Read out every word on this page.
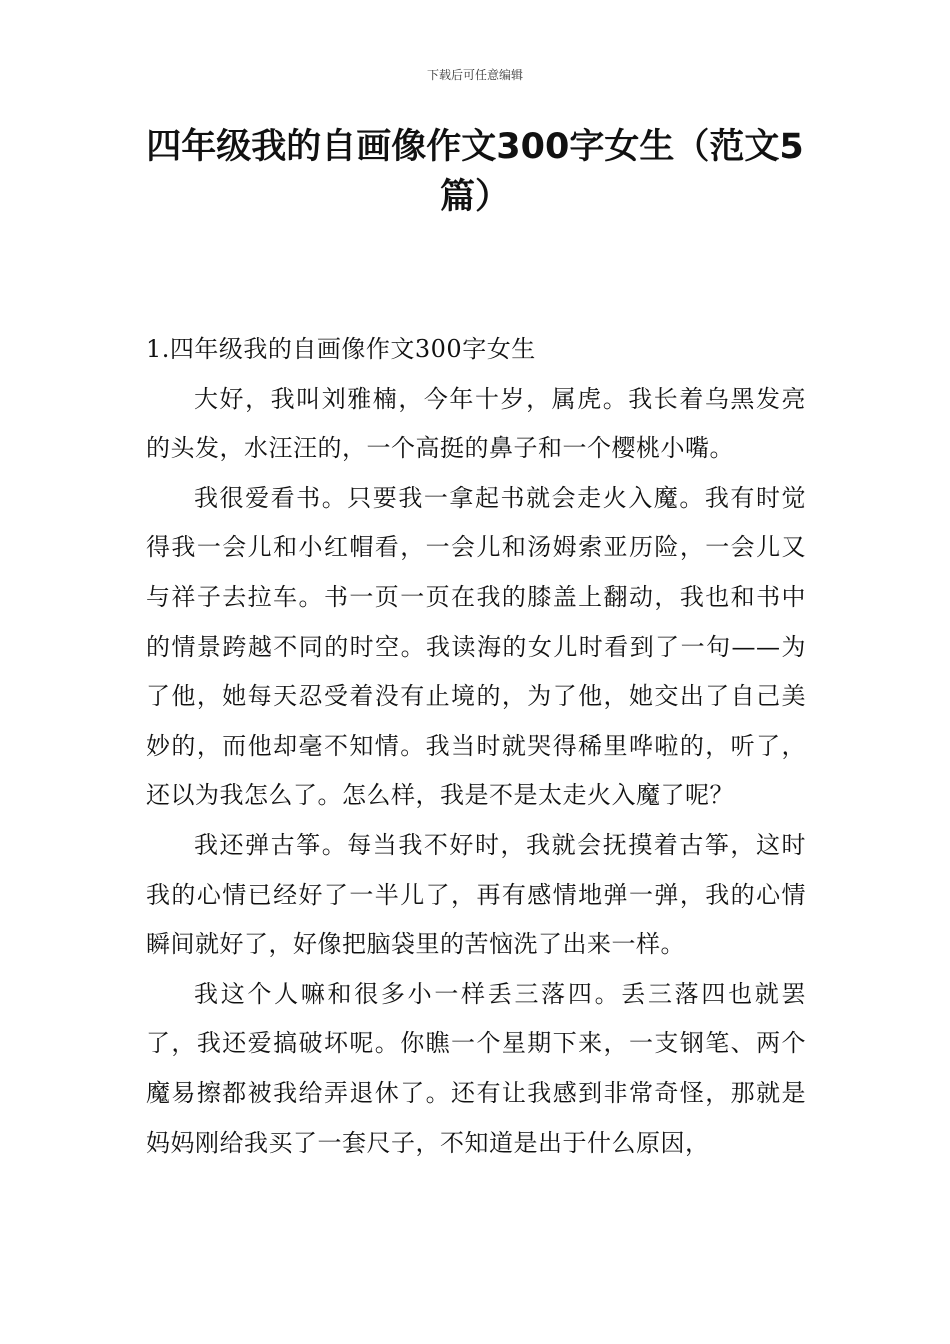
下载后可任意编辑
四年级我的自画像作文300字女生（范文5篇）

1.四年级我的自画像作文300字女生

大好，我叫刘雅楠，今年十岁，属虎。我长着乌黑发亮的头发，水汪汪的，一个高挺的鼻子和一个樱桃小嘴。

我很爱看书。只要我一拿起书就会走火入魔。我有时觉得我一会儿和小红帽看，一会儿和汤姆索亚历险，一会儿又与祥子去拉车。书一页一页在我的膝盖上翻动，我也和书中的情景跨越不同的时空。我读海的女儿时看到了一句——为了他，她每天忍受着没有止境的，为了他，她交出了自己美妙的，而他却毫不知情。我当时就哭得稀里哗啦的，听了，还以为我怎么了。怎么样，我是不是太走火入魔了呢？

我还弹古筝。每当我不好时，我就会抚摸着古筝，这时我的心情已经好了一半儿了，再有感情地弹一弹，我的心情瞬间就好了，好像把脑袋里的苦恼洗了出来一样。

我这个人嘛和很多小一样丢三落四。丢三落四也就罢了，我还爱搞破坏呢。你瞧一个星期下来，一支钢笔、两个魔易擦都被我给弄退休了。还有让我感到非常奇怪，那就是妈妈刚给我买了一套尺子，不知道是出于什么原因，
